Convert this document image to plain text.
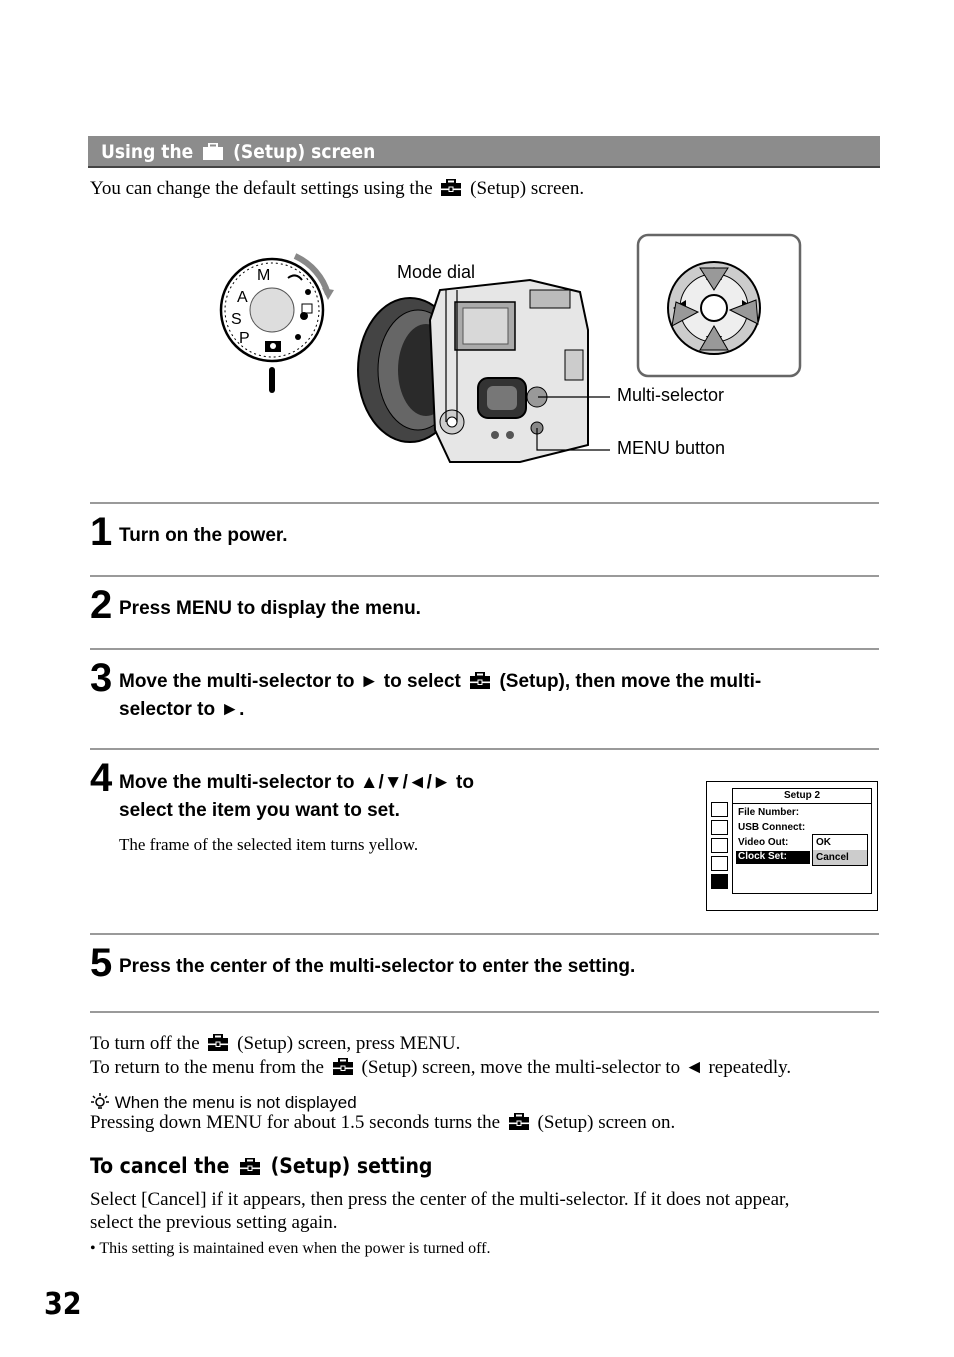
Using the (Setup) screen
You can change the default settings using the (Setup) screen.
M
A
S
P
Mode dial
Multi-selector
MENU button
1 Turn on the power.
2 Press MENU to display the menu.
3 Move the multi-selector to ► to select (Setup), then move the multi-
selector to ►.
4 Move the multi-selector to ▲/▼/◄/► to
select the item you want to set.
The frame of the selected item turns yellow.
Setup 2
File Number:
USB Connect:
Video Out:
Clock Set:
OK
Cancel
5 Press the center of the multi-selector to enter the setting.
To turn off the (Setup) screen, press MENU.
To return to the menu from the (Setup) screen, move the multi-selector to ◄ repeatedly.
When the menu is not displayed
Pressing down MENU for about 1.5 seconds turns the (Setup) screen on.
To cancel the (Setup) setting
Select [Cancel] if it appears, then press the center of the multi-selector. If it does not appear,
select the previous setting again.
• This setting is maintained even when the power is turned off.
32
